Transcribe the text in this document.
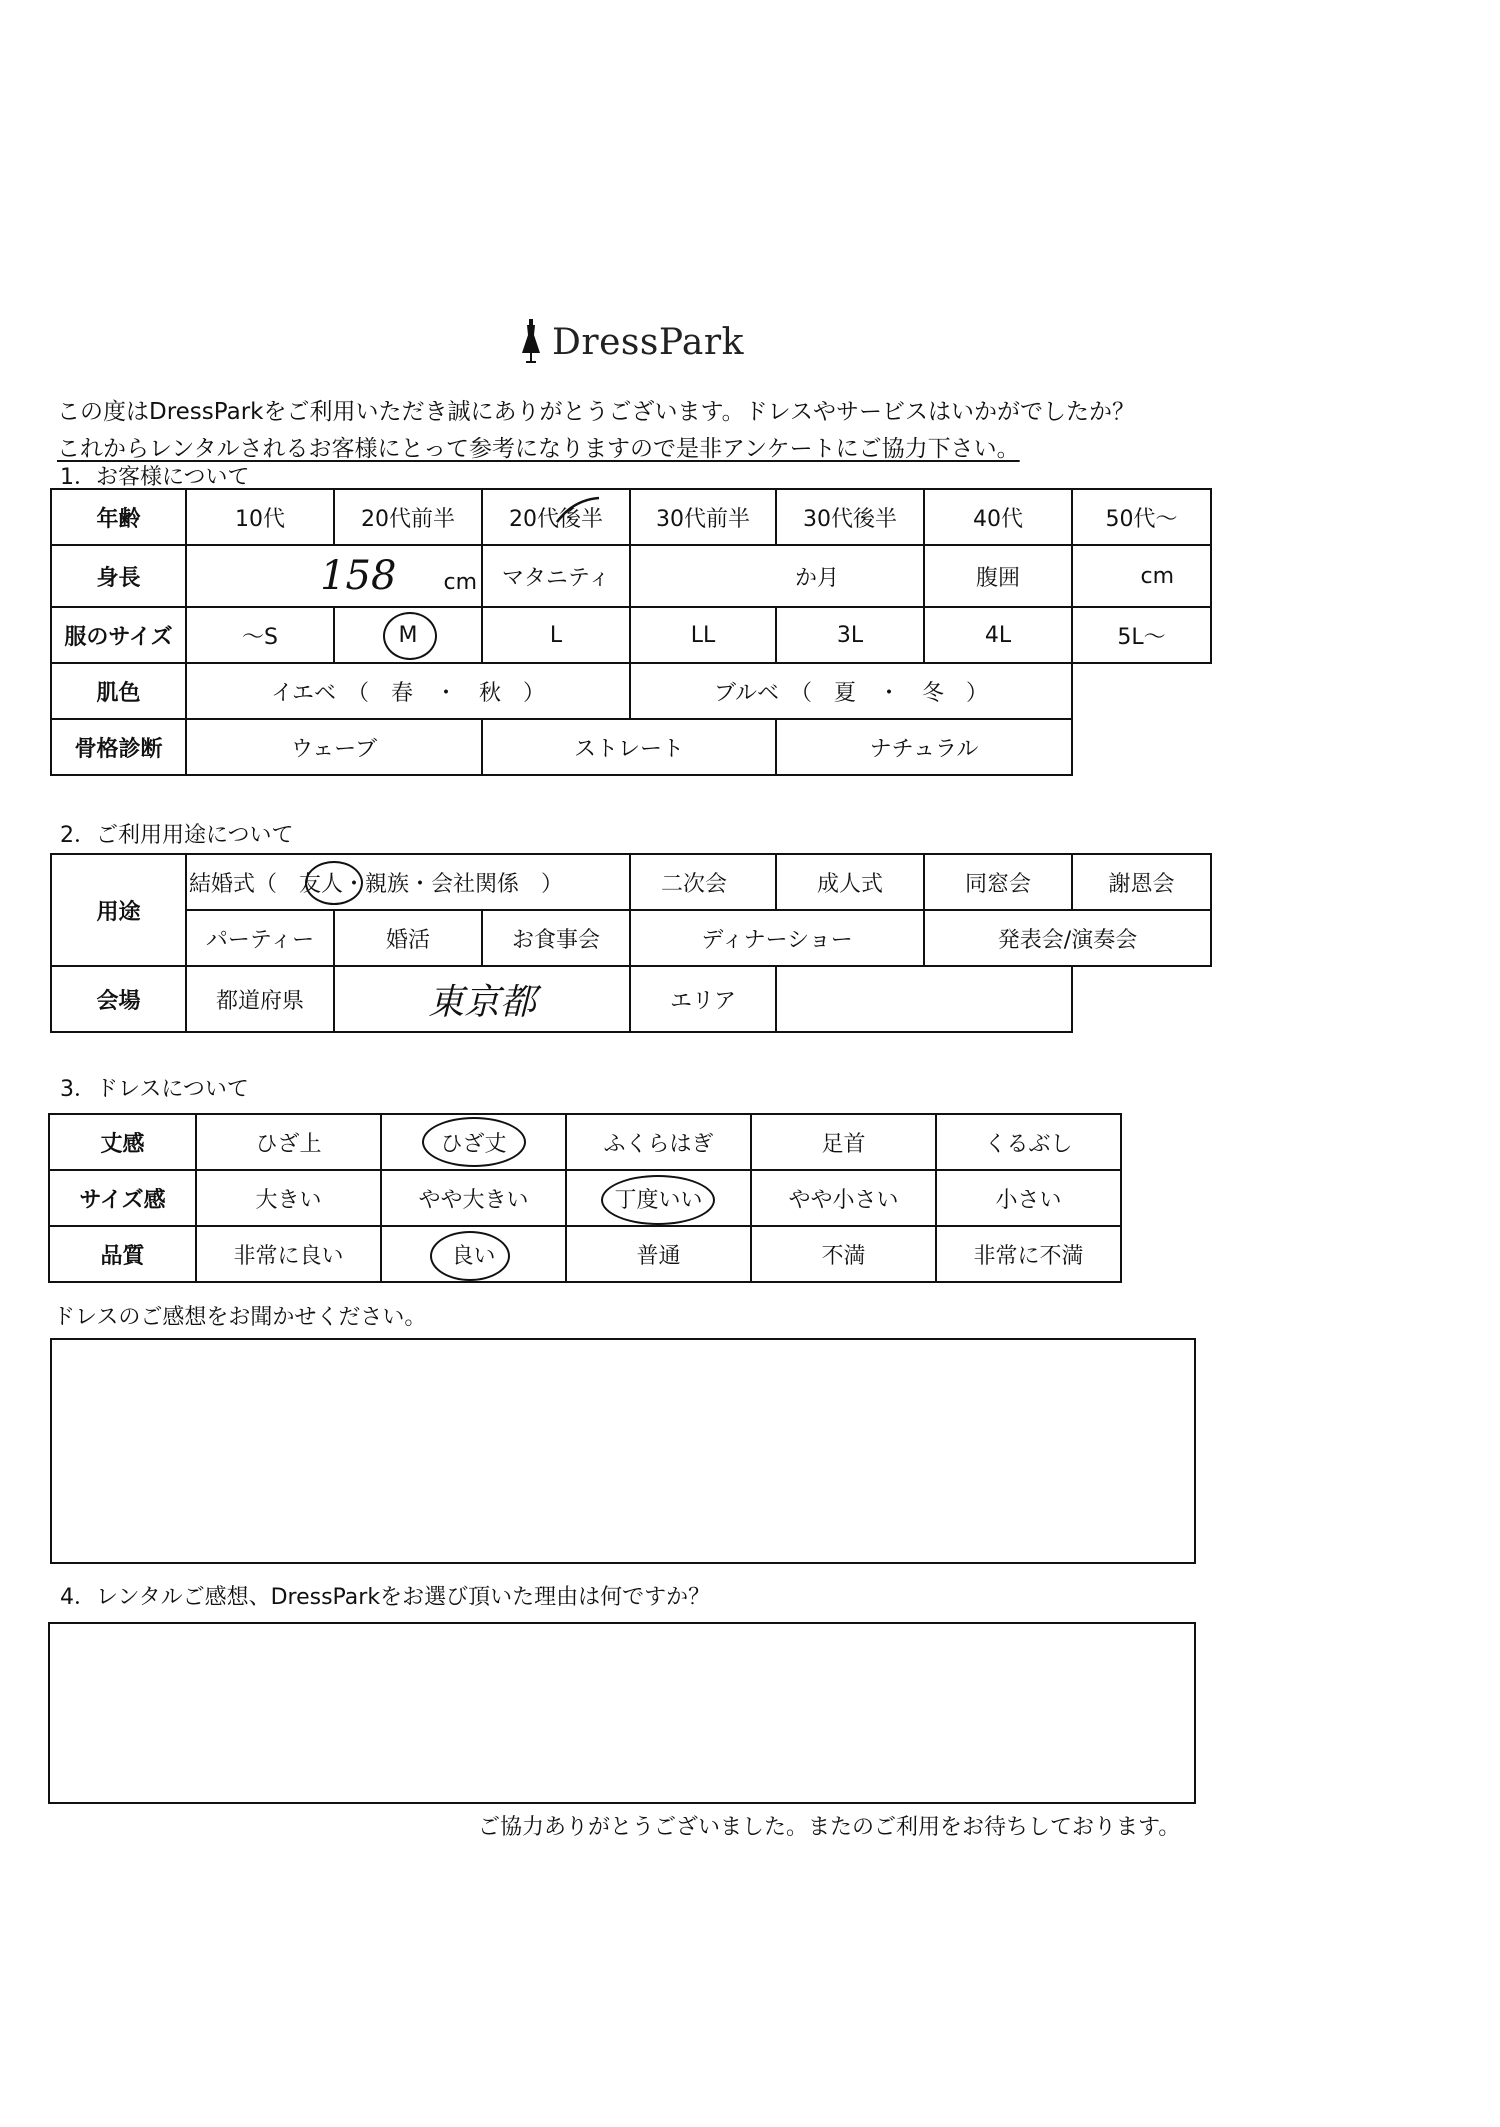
DressPark
この度はDressParkをご利用いただき誠にありがとうございます。ドレスやサービスはいかがでしたか？
これからレンタルされるお客様にとって参考になりますので是非アンケートにご協力下さい。
1．お客様について
年齢	10代	20代前半	20代後半	30代前半	30代後半	40代	50代～
身長	158 cm		マタニティ	か月		腹囲	cm
服のサイズ	～S	M	L	LL	3L	4L	5L～
肌色	イエベ　（　春　・　秋　）			ブルベ　（　夏　・　冬　）			
骨格診断	ウェーブ		ストレート		ナチュラル		
2．ご利用用途について
用途	結婚式（　友人・親族・会社関係　）			二次会	成人式	同窓会	謝恩会
	パーティー	婚活	お食事会	ディナーショー		発表会/演奏会	
会場	都道府県	東京都		エリア			
3．ドレスについて
丈感	ひざ上	ひざ丈	ふくらはぎ	足首	くるぶし
サイズ感	大きい	やや大きい	丁度いい	やや小さい	小さい
品質	非常に良い	良い	普通	不満	非常に不満
ドレスのご感想をお聞かせください。
4．レンタルご感想、DressParkをお選び頂いた理由は何ですか？
ご協力ありがとうございました。またのご利用をお待ちしております。
